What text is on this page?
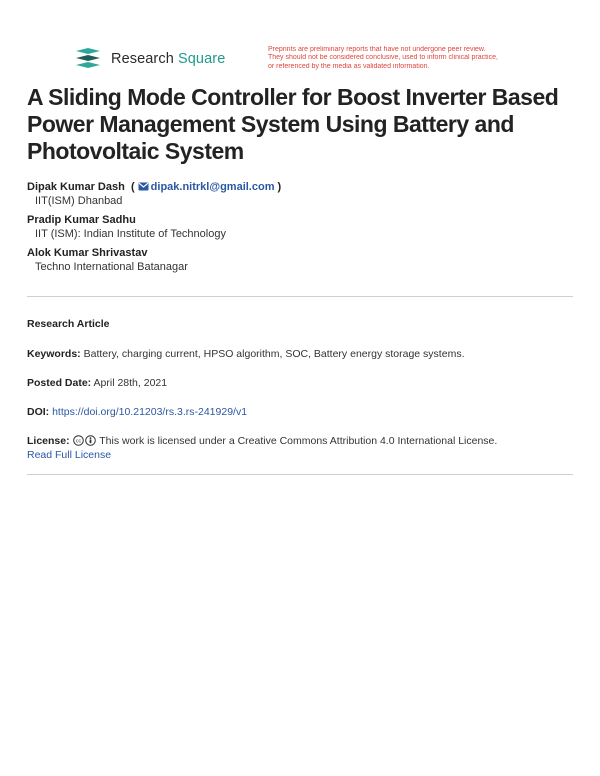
Research Square
Preprints are preliminary reports that have not undergone peer review.
They should not be considered conclusive, used to inform clinical practice,
or referenced by the media as validated information.
A Sliding Mode Controller for Boost Inverter Based Power Management System Using Battery and Photovoltaic System
Dipak Kumar Dash ( dipak.nitrkl@gmail.com )
IIT(ISM) Dhanbad
Pradip Kumar Sadhu
IIT (ISM): Indian Institute of Technology
Alok Kumar Shrivastav
Techno International Batanagar
Research Article
Keywords: Battery, charging current, HPSO algorithm, SOC, Battery energy storage systems.
Posted Date: April 28th, 2021
DOI: https://doi.org/10.21203/rs.3.rs-241929/v1
License: cc This work is licensed under a Creative Commons Attribution 4.0 International License.
Read Full License
